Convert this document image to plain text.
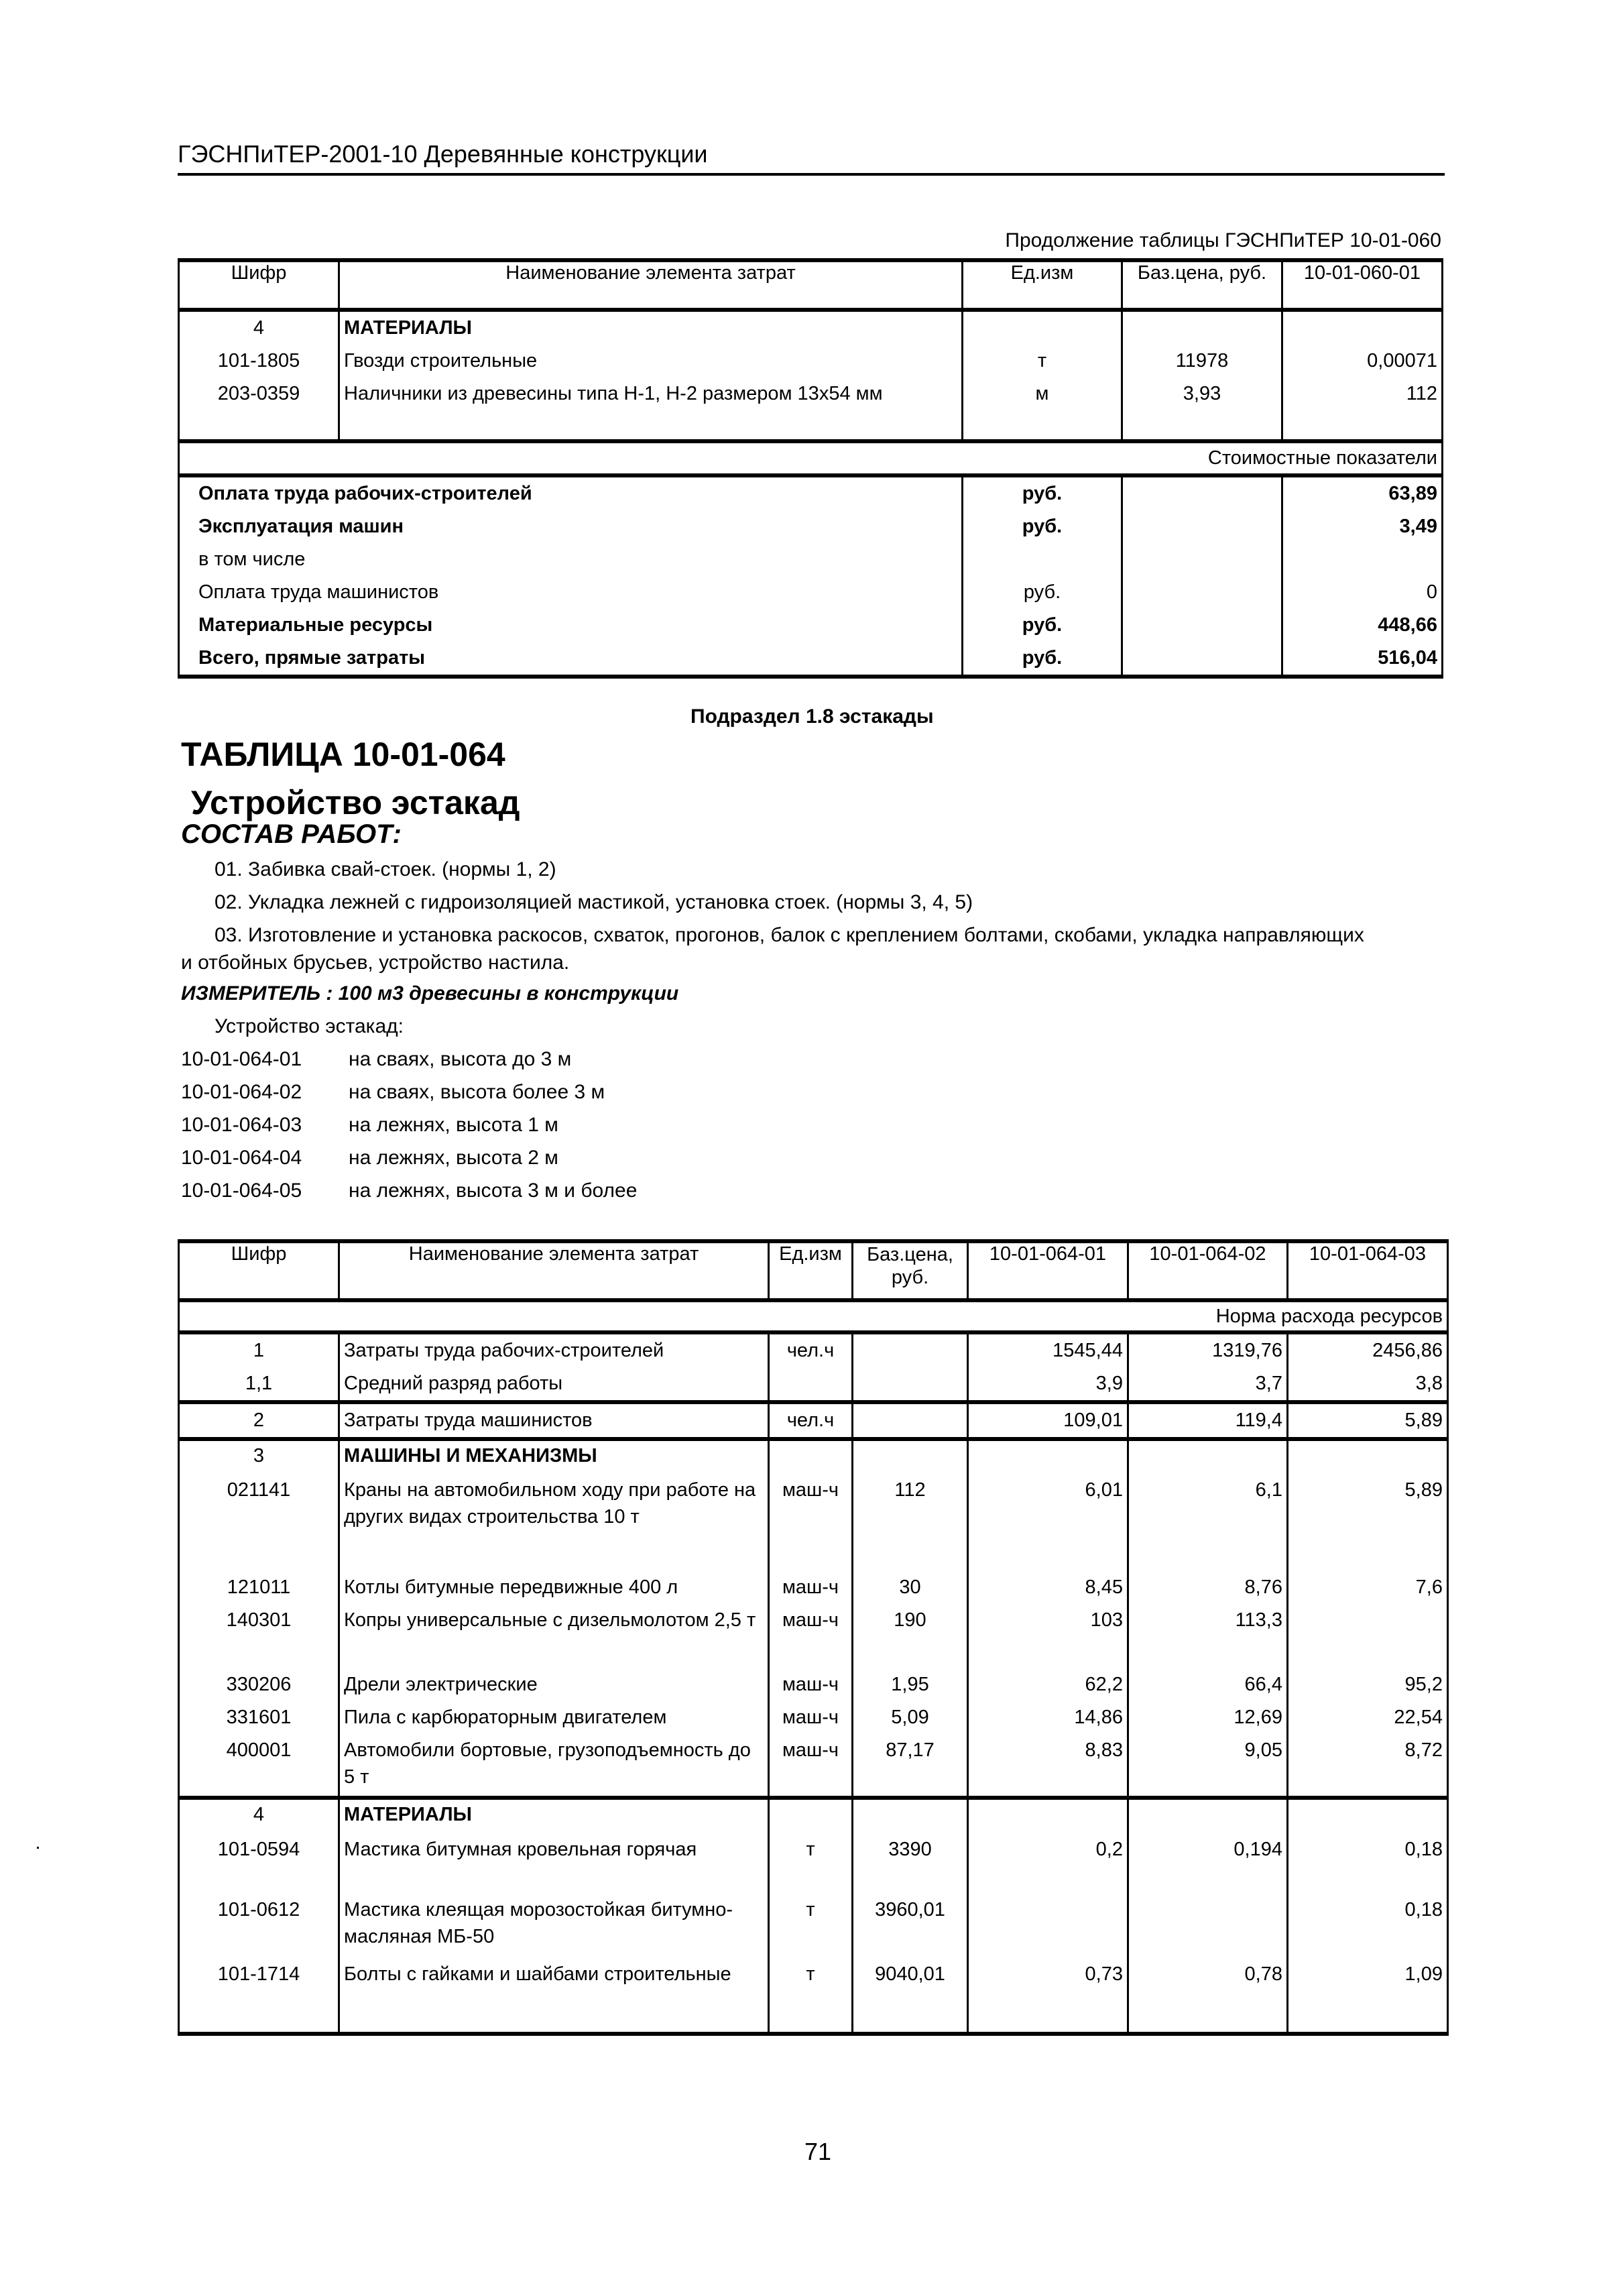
ГЭСНПиТЕР-2001-10 Деревянные конструкции
Продолжение таблицы ГЭСНПиТЕР 10-01-060
Шифр	Наименование элемента затрат	Ед.изм	Баз.цена, руб.	10-01-060-01
4	МАТЕРИАЛЫ			
101-1805	Гвозди строительные	т	11978	0,00071
203-0359	Наличники из древесины типа Н-1, Н-2 размером 13х54 мм	м	3,93	112

Стоимостные показатели				
Оплата труда рабочих-строителей		руб.		63,89
Эксплуатация машин		руб.		3,49
в том числе				
Оплата труда машинистов		руб.		0
Материальные ресурсы		руб.		448,66
Всего, прямые затраты		руб.		516,04
Подраздел 1.8 эстакады
ТАБЛИЦА 10-01-064
Устройство эстакад
СОСТАВ РАБОТ:
01. Забивка свай-стоек. (нормы 1, 2)
02. Укладка лежней с гидроизоляцией мастикой, установка стоек. (нормы 3, 4, 5)
03. Изготовление и установка раскосов, схваток, прогонов, балок с креплением болтами, скобами, укладка направляющих
и отбойных брусьев, устройство настила.
ИЗМЕРИТЕЛЬ : 100 м3 древесины в конструкции
Устройство эстакад:
10-01-064-01 на сваях, высота до 3 м
10-01-064-02 на сваях, высота более 3 м
10-01-064-03 на лежнях, высота 1 м
10-01-064-04 на лежнях, высота 2 м
10-01-064-05 на лежнях, высота 3 м и более
Шифр	Наименование элемента затрат	Ед.изм	Баз.цена, руб.	10-01-064-01	10-01-064-02	10-01-064-03
Норма расхода ресурсов						
1	Затраты труда рабочих-строителей	чел.ч		1545,44	1319,76	2456,86
1,1	Средний разряд работы			3,9	3,7	3,8
2	Затраты труда машинистов	чел.ч		109,01	119,4	5,89
3	МАШИНЫ И МЕХАНИЗМЫ					
021141	Краны на автомобильном ходу при работе на других видах строительства 10 т	маш-ч	112	6,01	6,1	5,89
121011	Котлы битумные передвижные 400 л	маш-ч	30	8,45	8,76	7,6
140301	Копры универсальные с дизельмолотом 2,5 т	маш-ч	190	103	113,3	
330206	Дрели электрические	маш-ч	1,95	62,2	66,4	95,2
331601	Пила с карбюраторным двигателем	маш-ч	5,09	14,86	12,69	22,54
400001	Автомобили бортовые, грузоподъемность до 5 т	маш-ч	87,17	8,83	9,05	8,72
4	МАТЕРИАЛЫ					
101-0594	Мастика битумная кровельная горячая	т	3390	0,2	0,194	0,18
101-0612	Мастика клеящая морозостойкая битумно-масляная МБ-50	т	3960,01			0,18
101-1714	Болты с гайками и шайбами строительные	т	9040,01	0,73	0,78	1,09
71
